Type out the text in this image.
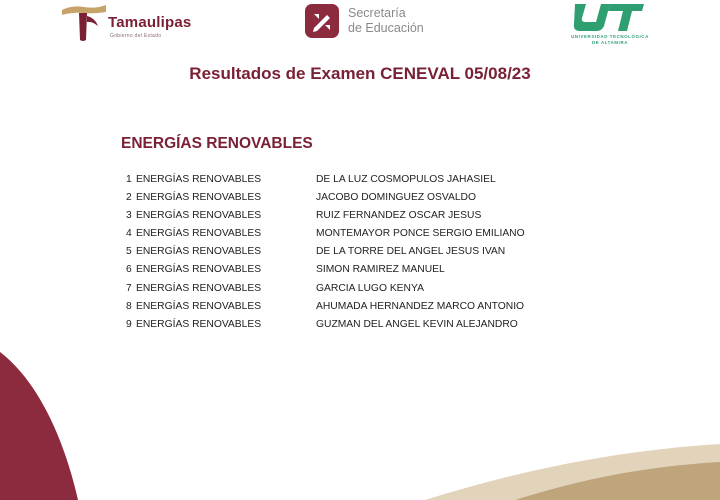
Tamaulipas
Gobierno del Estado
Secretaría
de Educación
UNIVERSIDAD TECNOLÓGICA
DE ALTAMIRA
Resultados de Examen CENEVAL 05/08/23
ENERGÍAS RENOVABLES
1 ENERGÍAS RENOVABLES	DE LA LUZ COSMOPULOS JAHASIEL
2 ENERGÍAS RENOVABLES	JACOBO DOMINGUEZ OSVALDO
3 ENERGÍAS RENOVABLES	RUIZ FERNANDEZ OSCAR JESUS
4 ENERGÍAS RENOVABLES	MONTEMAYOR PONCE SERGIO EMILIANO
5 ENERGÍAS RENOVABLES	DE LA TORRE DEL ANGEL JESUS IVAN
6 ENERGÍAS RENOVABLES	SIMON RAMIREZ MANUEL
7 ENERGÍAS RENOVABLES	GARCIA LUGO KENYA
8 ENERGÍAS RENOVABLES	AHUMADA HERNANDEZ MARCO ANTONIO
9 ENERGÍAS RENOVABLES	GUZMAN DEL ANGEL KEVIN ALEJANDRO
